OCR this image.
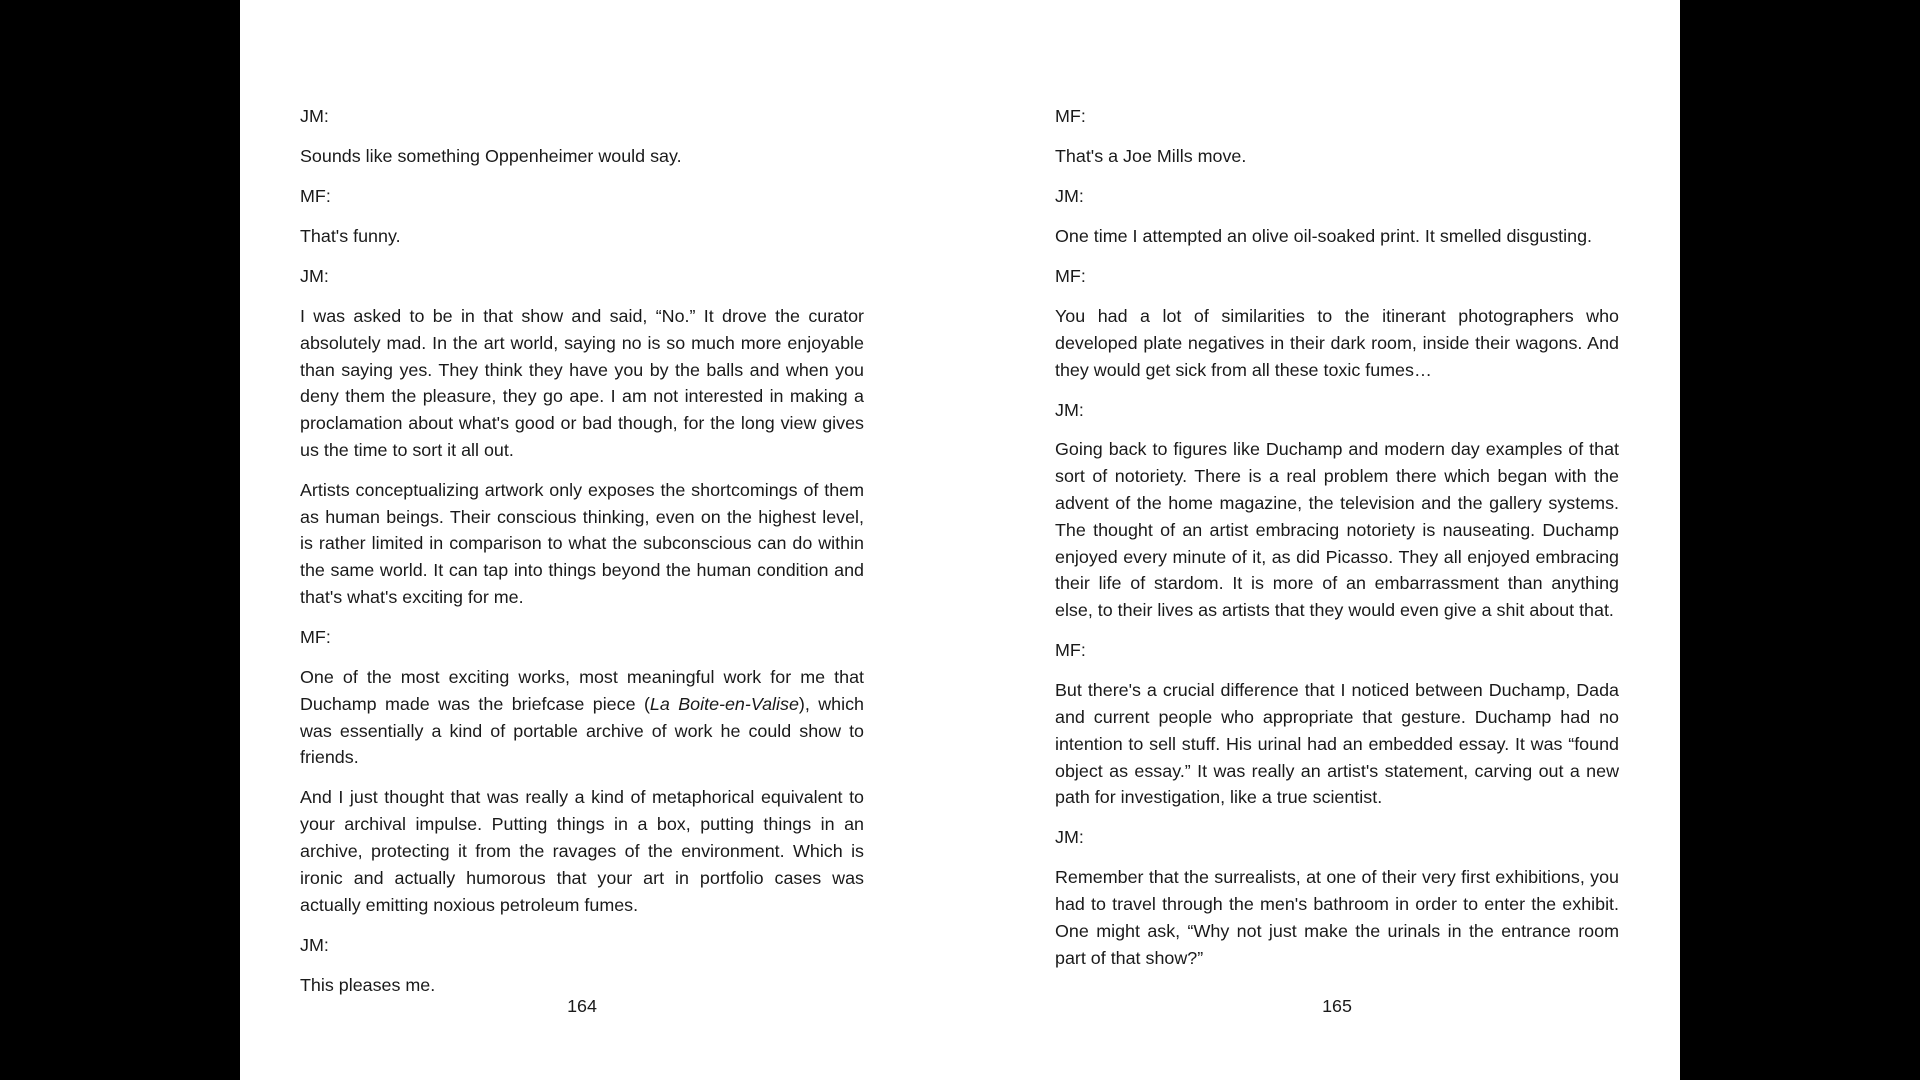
JM:

Sounds like something Oppenheimer would say.

MF:

That's funny.

JM:

I was asked to be in that show and said, “No.” It drove the curator absolutely mad. In the art world, saying no is so much more enjoyable than saying yes. They think they have you by the balls and when you deny them the pleasure, they go ape. I am not interested in making a proclamation about what's good or bad though, for the long view gives us the time to sort it all out.

Artists conceptualizing artwork only exposes the shortcomings of them as human beings. Their conscious thinking, even on the highest level, is rather limited in comparison to what the subconscious can do within the same world. It can tap into things beyond the human condition and that's what's exciting for me.

MF:

One of the most exciting works, most meaningful work for me that Duchamp made was the briefcase piece (La Boite-en-Valise), which was essentially a kind of portable archive of work he could show to friends.

And I just thought that was really a kind of metaphorical equivalent to your archival impulse. Putting things in a box, putting things in an archive, protecting it from the ravages of the environment. Which is ironic and actually humorous that your art in portfolio cases was actually emitting noxious petroleum fumes.

JM:

This pleases me.

164

MF:

That's a Joe Mills move.

JM:

One time I attempted an olive oil-soaked print. It smelled disgusting.

MF:

You had a lot of similarities to the itinerant photographers who developed plate negatives in their dark room, inside their wagons. And they would get sick from all these toxic fumes…

JM:

Going back to figures like Duchamp and modern day examples of that sort of notoriety. There is a real problem there which began with the advent of the home magazine, the television and the gallery systems. The thought of an artist embracing notoriety is nauseating. Duchamp enjoyed every minute of it, as did Picasso. They all enjoyed embracing their life of stardom. It is more of an embarrassment than anything else, to their lives as artists that they would even give a shit about that.

MF:

But there's a crucial difference that I noticed between Duchamp, Dada and current people who appropriate that gesture. Duchamp had no intention to sell stuff. His urinal had an embedded essay. It was “found object as essay.” It was really an artist's statement, carving out a new path for investigation, like a true scientist.

JM:

Remember that the surrealists, at one of their very first exhibitions, you had to travel through the men's bathroom in order to enter the exhibit. One might ask, “Why not just make the urinals in the entrance room part of that show?”

165
